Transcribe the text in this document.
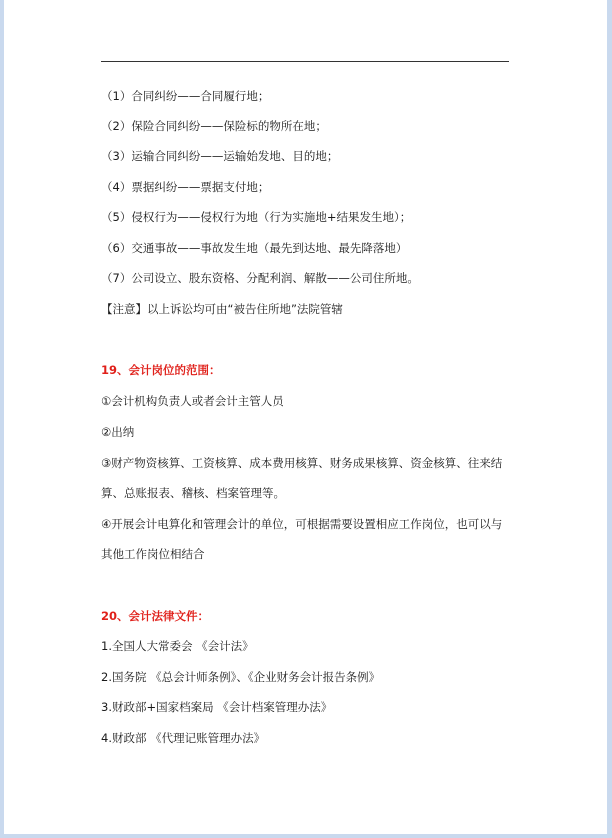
（1）合同纠纷——合同履行地；
（2）保险合同纠纷——保险标的物所在地；
（3）运输合同纠纷——运输始发地、目的地；
（4）票据纠纷——票据支付地；
（5）侵权行为——侵权行为地（行为实施地+结果发生地）；
（6）交通事故——事故发生地（最先到达地、最先降落地）
（7）公司设立、股东资格、分配利润、解散——公司住所地。
【注意】以上诉讼均可由“被告住所地”法院管辖
19、会计岗位的范围：
①会计机构负责人或者会计主管人员
②出纳
③财产物资核算、工资核算、成本费用核算、财务成果核算、资金核算、往来结
算、总账报表、稽核、档案管理等。
④开展会计电算化和管理会计的单位，可根据需要设置相应工作岗位，也可以与
其他工作岗位相结合
20、会计法律文件：
1.全国人大常委会 《会计法》
2.国务院 《总会计师条例》、《企业财务会计报告条例》
3.财政部+国家档案局 《会计档案管理办法》
4.财政部 《代理记账管理办法》
